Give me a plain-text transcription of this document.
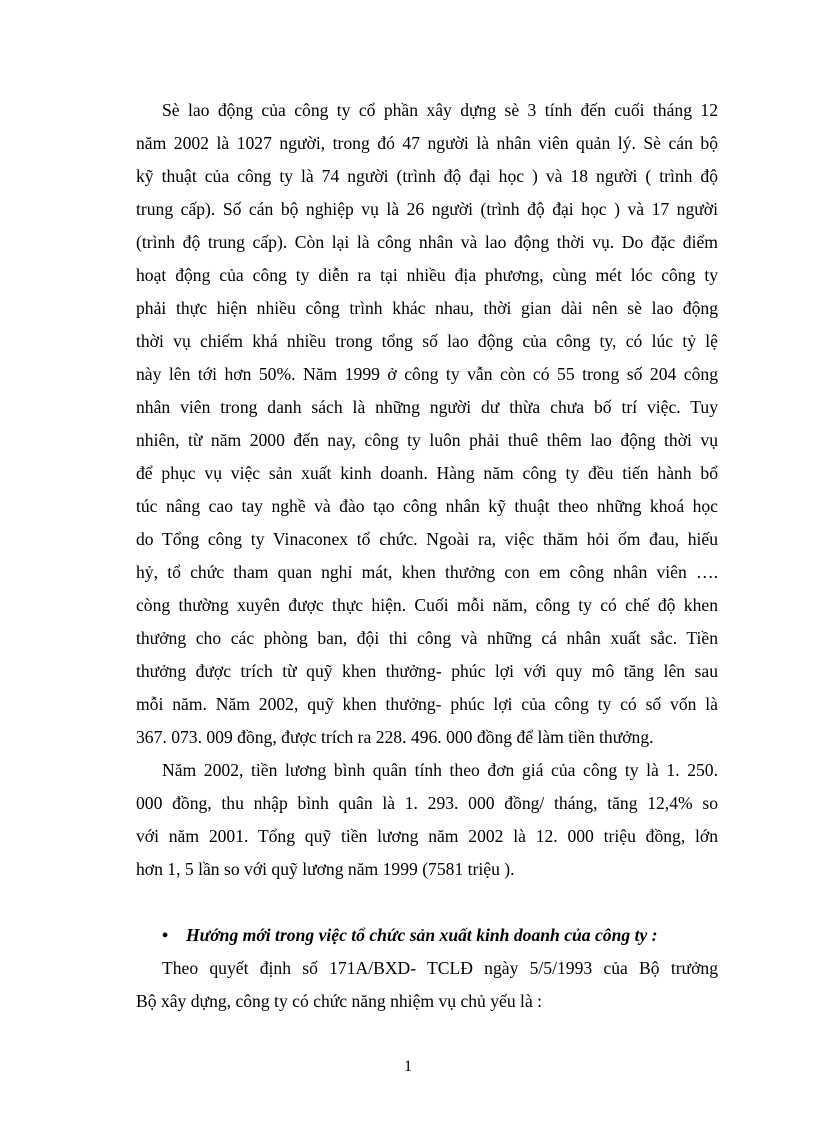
Sè lao động của công ty cổ phần xây dựng sè 3 tính đến cuối tháng 12
năm 2002 là 1027 người, trong đó 47 người là nhân viên quản lý. Sè cán bộ
kỹ thuật của công ty là 74 người (trình độ đại học ) và 18 người ( trình độ
trung cấp). Số cán bộ nghiệp vụ là 26 người (trình độ đại học ) và 17 người
(trình độ trung cấp). Còn lại là công nhân và lao động thời vụ. Do đặc điểm
hoạt động của công ty diễn ra tại nhiều địa phương, cùng mét lóc công ty
phải thực hiện nhiều công trình khác nhau, thời gian dài nên sè lao động
thời vụ chiếm khá nhiều trong tổng số lao động của công ty, có lúc tỷ lệ
này lên tới hơn 50%. Năm 1999 ở công ty vẫn còn có 55 trong số 204 công
nhân viên trong danh sách là những người dư thừa chưa bố trí việc. Tuy
nhiên, từ năm 2000 đến nay, công ty luôn phải thuê thêm lao động thời vụ
để phục vụ việc sản xuất kinh doanh. Hàng năm công ty đều tiến hành bổ
túc nâng cao tay nghề và đào tạo công nhân kỹ thuật theo những khoá học
do Tổng công ty Vinaconex tổ chức. Ngoài ra, việc thăm hỏi ốm đau, hiếu
hỷ, tổ chức tham quan nghỉ mát, khen thưởng con em công nhân viên ….
còng thường xuyên được thực hiện. Cuối mỗi năm, công ty có chế độ khen
thưởng cho các phòng ban, đội thi công và những cá nhân xuất sắc. Tiền
thưởng được trích từ quỹ khen thưởng- phúc lợi với quy mô tăng lên sau
mỗi năm. Năm 2002, quỹ khen thưởng- phúc lợi của công ty có số vốn là
367. 073. 009 đồng, được trích ra 228. 496. 000 đồng để làm tiền thưởng.

Năm 2002, tiền lương bình quân tính theo đơn giá của công ty là 1. 250.
000 đồng, thu nhập bình quân là 1. 293. 000 đồng/ tháng, tăng 12,4% so
với năm 2001. Tổng quỹ tiền lương năm 2002 là 12. 000 triệu đồng, lớn
hơn 1, 5 lần so với quỹ lương năm 1999 (7581 triệu ).

• Hướng mới trong việc tổ chức sản xuất kinh doanh của công ty :

Theo quyết định số 171A/BXD- TCLĐ ngày 5/5/1993 của Bộ trưởng
Bộ xây dựng, công ty có chức năng nhiệm vụ chủ yếu là :

1
